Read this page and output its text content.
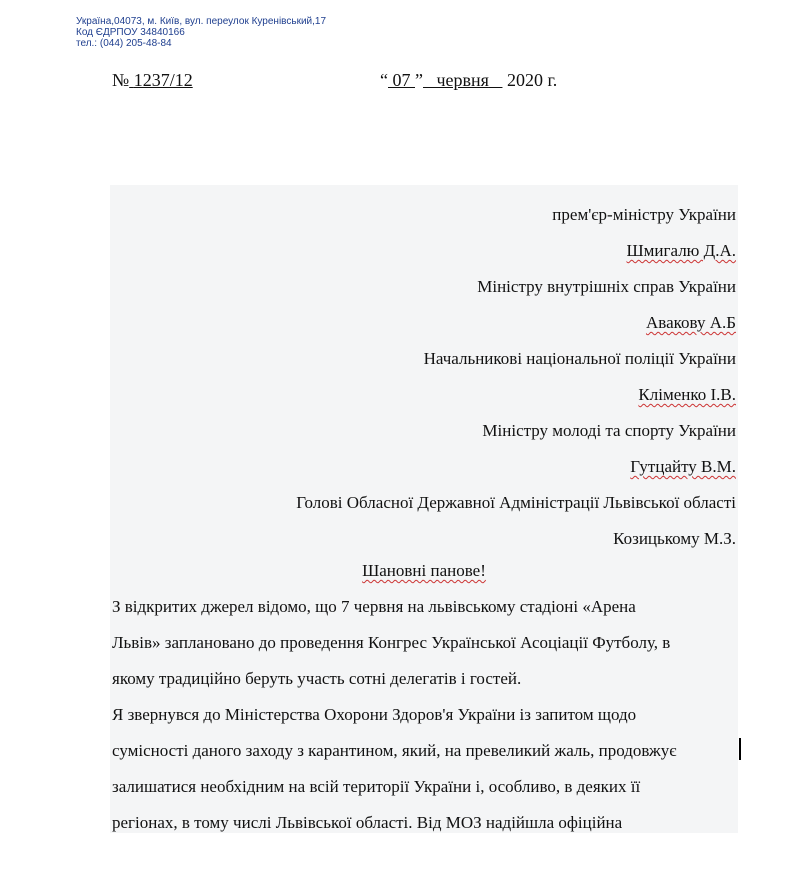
Україна,04073, м. Київ, вул. переулок Куренівський,17
Код ЄДРПОУ 34840166
тел.: (044) 205-48-84
№ 1237/12	“ 07 ” червня 2020 г.
прем'єр-міністру України
Шмигалю Д.А.
Міністру внутрішніх справ України
Авакову А.Б
Начальникові національної поліції України
Кліменко І.В.
Міністру молоді та спорту України
Гутцайту В.М.
Голові Обласної Державної Адміністрації Львівської області
Козицькому М.З.
Шановні панове!
З відкритих джерел відомо, що 7 червня на львівському стадіоні «Арена
Львів» заплановано до проведення Конгрес Української Асоціації Футболу, в
якому традиційно беруть участь сотні делегатів і гостей.
Я звернувся до Міністерства Охорони Здоров'я України із запитом щодо
сумісності даного заходу з карантином, який, на превеликий жаль, продовжує
залишатися необхідним на всій території України і, особливо, в деяких її
регіонах, в тому числі Львівської області. Від МОЗ надійшла офіційна
